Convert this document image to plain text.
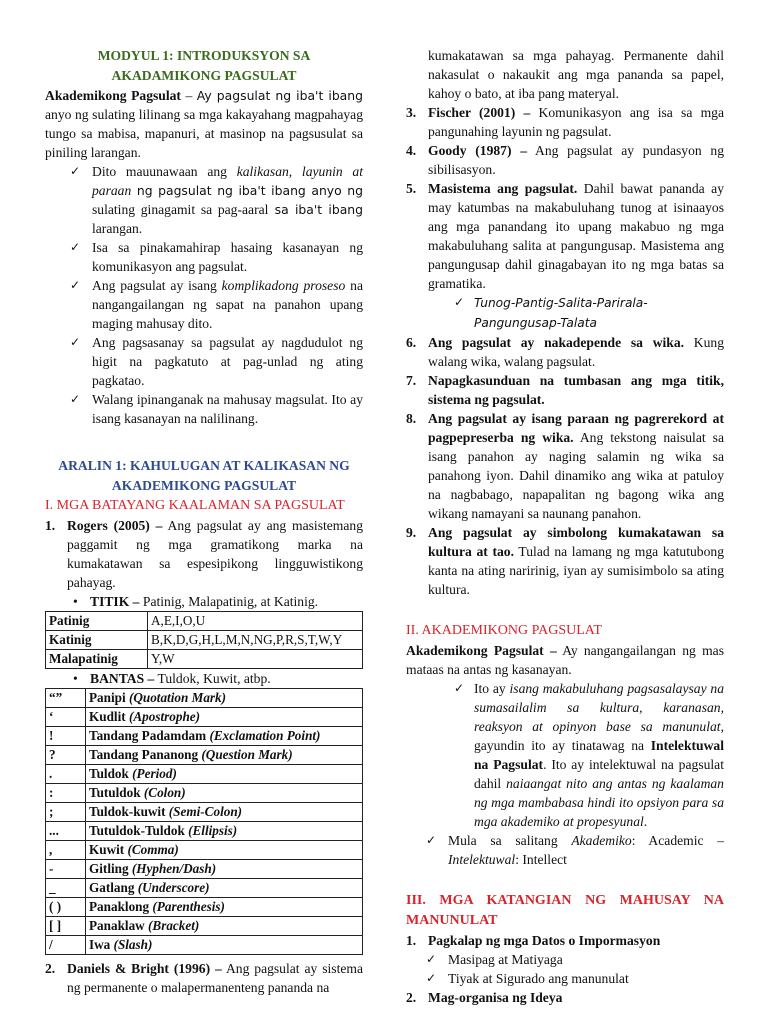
MODYUL 1: INTRODUKSYON SA
AKADAMIKONG PAGSULAT

Akademikong Pagsulat – Ay pagsulat ng iba't ibang anyo ng sulating lilinang sa mga kakayahang magpahayag tungo sa mabisa, mapanuri, at masinop na pagsusulat sa piniling larangan.

✓ Dito mauunawaan ang kalikasan, layunin at paraan ng pagsulat ng iba't ibang anyo ng sulating ginagamit sa pag-aaral sa iba't ibang larangan.
✓ Isa sa pinakamahirap hasaing kasanayan ng komunikasyon ang pagsulat.
✓ Ang pagsulat ay isang komplikadong proseso na nangangailangan ng sapat na panahon upang maging mahusay dito.
✓ Ang pagsasanay sa pagsulat ay nagdudulot ng higit na pagkatuto at pag-unlad ng ating pagkatao.
✓ Walang ipinanganak na mahusay magsulat. Ito ay isang kasanayan na nalilinang.
ARALIN 1: KAHULUGAN AT KALIKASAN NG
AKADEMIKONG PAGSULAT
I. MGA BATAYANG KAALAMAN SA PAGSULAT
1. Rogers (2005) – Ang pagsulat ay ang masistemang paggamit ng mga gramatikong marka na kumakatawan sa espesipikong lingguwistikong pahayag.
• TITIK – Patinig, Malapatinig, at Katinig.
Patinig	A,E,I,O,U
Katinig	B,K,D,G,H,L,M,N,NG,P,R,S,T,W,Y
Malapatinig	Y,W
• BANTAS – Tuldok, Kuwit, atbp.
“”	Panipi (Quotation Mark)
‘	Kudlit (Apostrophe)
!	Tandang Padamdam (Exclamation Point)
?	Tandang Pananong (Question Mark)
.	Tuldok (Period)
:	Tutuldok (Colon)
;	Tuldok-kuwit (Semi-Colon)
...	Tutuldok-Tuldok (Ellipsis)
,	Kuwit (Comma)
-	Gitling (Hyphen/Dash)
_	Gatlang (Underscore)
( )	Panaklong (Parenthesis)
[ ]	Panaklaw (Bracket)
/	Iwa (Slash)
2. Daniels & Bright (1996) – Ang pagsulat ay sistema ng permanente o malapermanenteng pananda na

kumakatawan sa mga pahayag. Permanente dahil nakasulat o nakaukit ang mga pananda sa papel, kahoy o bato, at iba pang materyal.

3. Fischer (2001) – Komunikasyon ang isa sa mga pangunahing layunin ng pagsulat.
4. Goody (1987) – Ang pagsulat ay pundasyon ng sibilisasyon.
5. Masistema ang pagsulat. Dahil bawat pananda ay may katumbas na makabuluhang tunog at isinaayos ang mga panandang ito upang makabuo ng mga makabuluhang salita at pangungusap. Masistema ang pangungusap dahil ginagabayan ito ng mga batas sa gramatika.
✓ Tunog-Pantig-Salita-Parirala-Pangungusap-Talata
6. Ang pagsulat ay nakadepende sa wika. Kung walang wika, walang pagsulat.
7. Napagkasunduan na tumbasan ang mga titik, sistema ng pagsulat.
8. Ang pagsulat ay isang paraan ng pagrerekord at pagpepreserba ng wika. Ang tekstong naisulat sa isang panahon ay naging salamin ng wika sa panahong iyon. Dahil dinamiko ang wika at patuloy na nagbabago, napapalitan ng bagong wika ang wikang namayani sa naunang panahon.
9. Ang pagsulat ay simbolong kumakatawan sa kultura at tao. Tulad na lamang ng mga katutubong kanta na ating naririnig, iyan ay sumisimbolo sa ating kultura.
II. AKADEMIKONG PAGSULAT

Akademikong Pagsulat – Ay nangangailangan ng mas mataas na antas ng kasanayan.

✓ Ito ay isang makabuluhang pagsasalaysay na sumasailalim sa kultura, karanasan, reaksyon at opinyon base sa manunulat, gayundin ito ay tinatawag na Intelektuwal na Pagsulat. Ito ay intelektuwal na pagsulat dahil naiaangat nito ang antas ng kaalaman ng mga mambabasa hindi ito opsiyon para sa mga akademiko at propesyunal.
✓ Mula sa salitang Akademiko: Academic – Intelektuwal: Intellect
III. MGA KATANGIAN NG MAHUSAY NA MANUNULAT
1. Pagkalap ng mga Datos o Impormasyon
✓ Masipag at Matiyaga
✓ Tiyak at Sigurado ang manunulat
2. Mag-organisa ng Ideya
